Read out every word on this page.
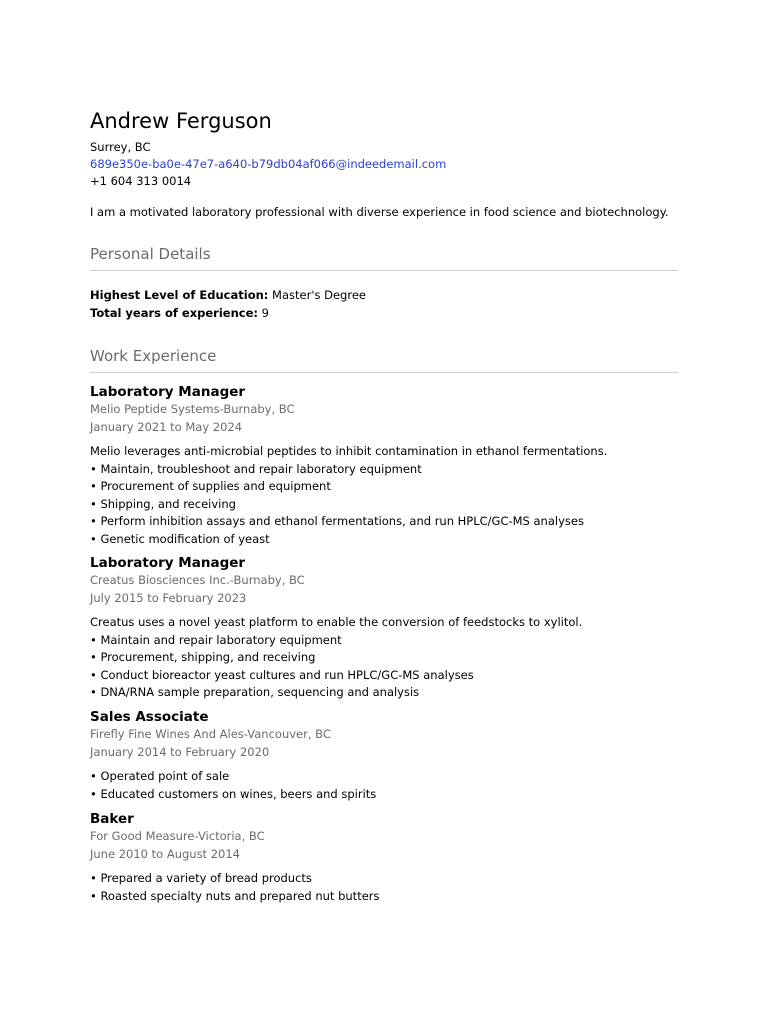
Andrew Ferguson
Surrey, BC
689e350e-ba0e-47e7-a640-b79db04af066@indeedemail.com
+1 604 313 0014
I am a motivated laboratory professional with diverse experience in food science and biotechnology.
Personal Details
Highest Level of Education: Master's Degree
Total years of experience: 9
Work Experience
Laboratory Manager
Melio Peptide Systems-Burnaby, BC
January 2021 to May 2024
Melio leverages anti-microbial peptides to inhibit contamination in ethanol fermentations.
• Maintain, troubleshoot and repair laboratory equipment
• Procurement of supplies and equipment
• Shipping, and receiving
• Perform inhibition assays and ethanol fermentations, and run HPLC/GC-MS analyses
• Genetic modification of yeast
Laboratory Manager
Creatus Biosciences Inc.-Burnaby, BC
July 2015 to February 2023
Creatus uses a novel yeast platform to enable the conversion of feedstocks to xylitol.
• Maintain and repair laboratory equipment
• Procurement, shipping, and receiving
• Conduct bioreactor yeast cultures and run HPLC/GC-MS analyses
• DNA/RNA sample preparation, sequencing and analysis
Sales Associate
Firefly Fine Wines And Ales-Vancouver, BC
January 2014 to February 2020
• Operated point of sale
• Educated customers on wines, beers and spirits
Baker
For Good Measure-Victoria, BC
June 2010 to August 2014
• Prepared a variety of bread products
• Roasted specialty nuts and prepared nut butters
